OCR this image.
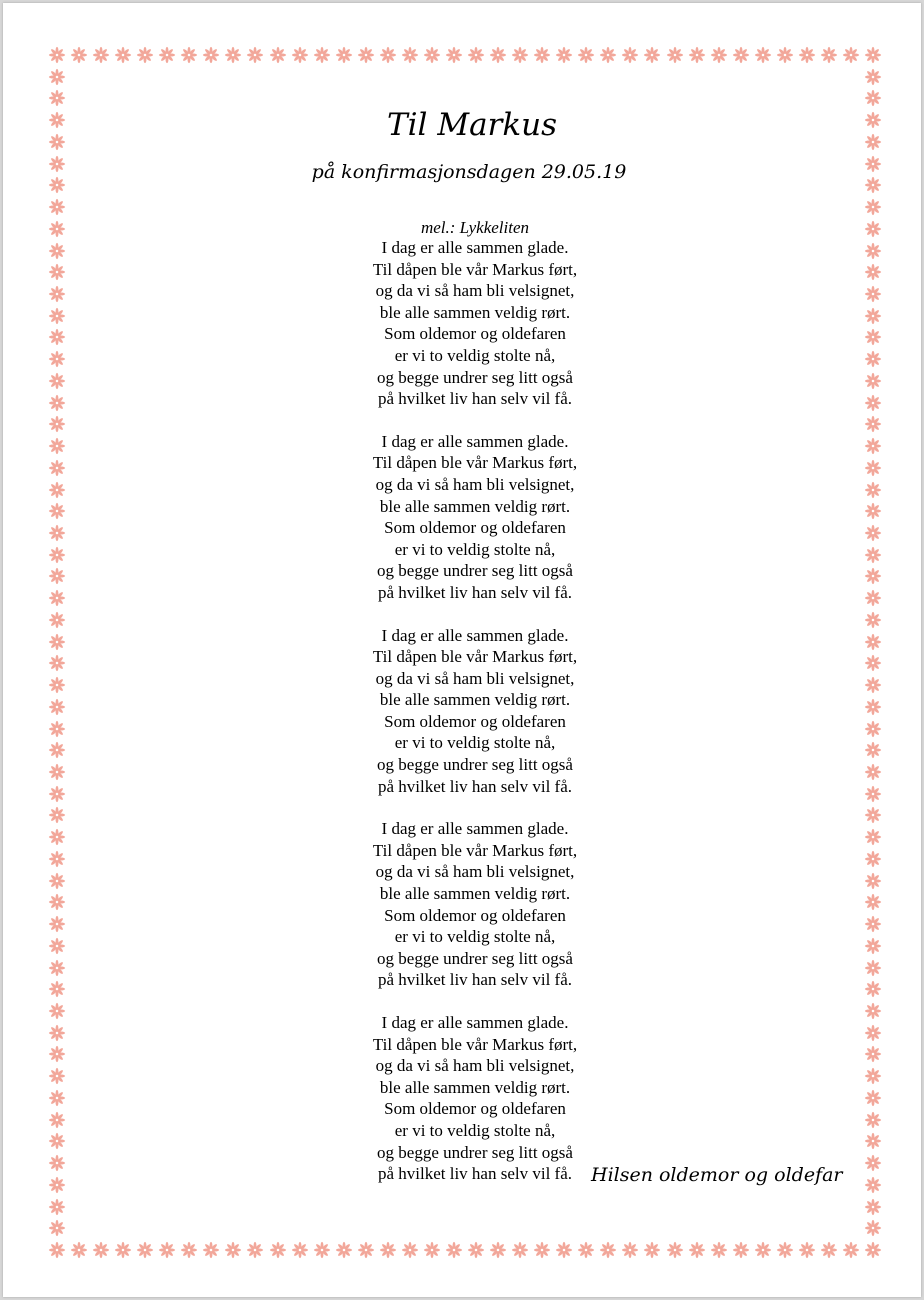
Til Markus
på konfirmasjonsdagen 29.05.19
mel.: Lykkeliten
I dag er alle sammen glade.
Til dåpen ble vår Markus ført,
og da vi så ham bli velsignet,
ble alle sammen veldig rørt.
Som oldemor og oldefaren
er vi to veldig stolte nå,
og begge undrer seg litt også
på hvilket liv han selv vil få.
I dag er alle sammen glade.
Til dåpen ble vår Markus ført,
og da vi så ham bli velsignet,
ble alle sammen veldig rørt.
Som oldemor og oldefaren
er vi to veldig stolte nå,
og begge undrer seg litt også
på hvilket liv han selv vil få.
I dag er alle sammen glade.
Til dåpen ble vår Markus ført,
og da vi så ham bli velsignet,
ble alle sammen veldig rørt.
Som oldemor og oldefaren
er vi to veldig stolte nå,
og begge undrer seg litt også
på hvilket liv han selv vil få.
I dag er alle sammen glade.
Til dåpen ble vår Markus ført,
og da vi så ham bli velsignet,
ble alle sammen veldig rørt.
Som oldemor og oldefaren
er vi to veldig stolte nå,
og begge undrer seg litt også
på hvilket liv han selv vil få.
I dag er alle sammen glade.
Til dåpen ble vår Markus ført,
og da vi så ham bli velsignet,
ble alle sammen veldig rørt.
Som oldemor og oldefaren
er vi to veldig stolte nå,
og begge undrer seg litt også
på hvilket liv han selv vil få. Hilsen oldemor og oldefar
